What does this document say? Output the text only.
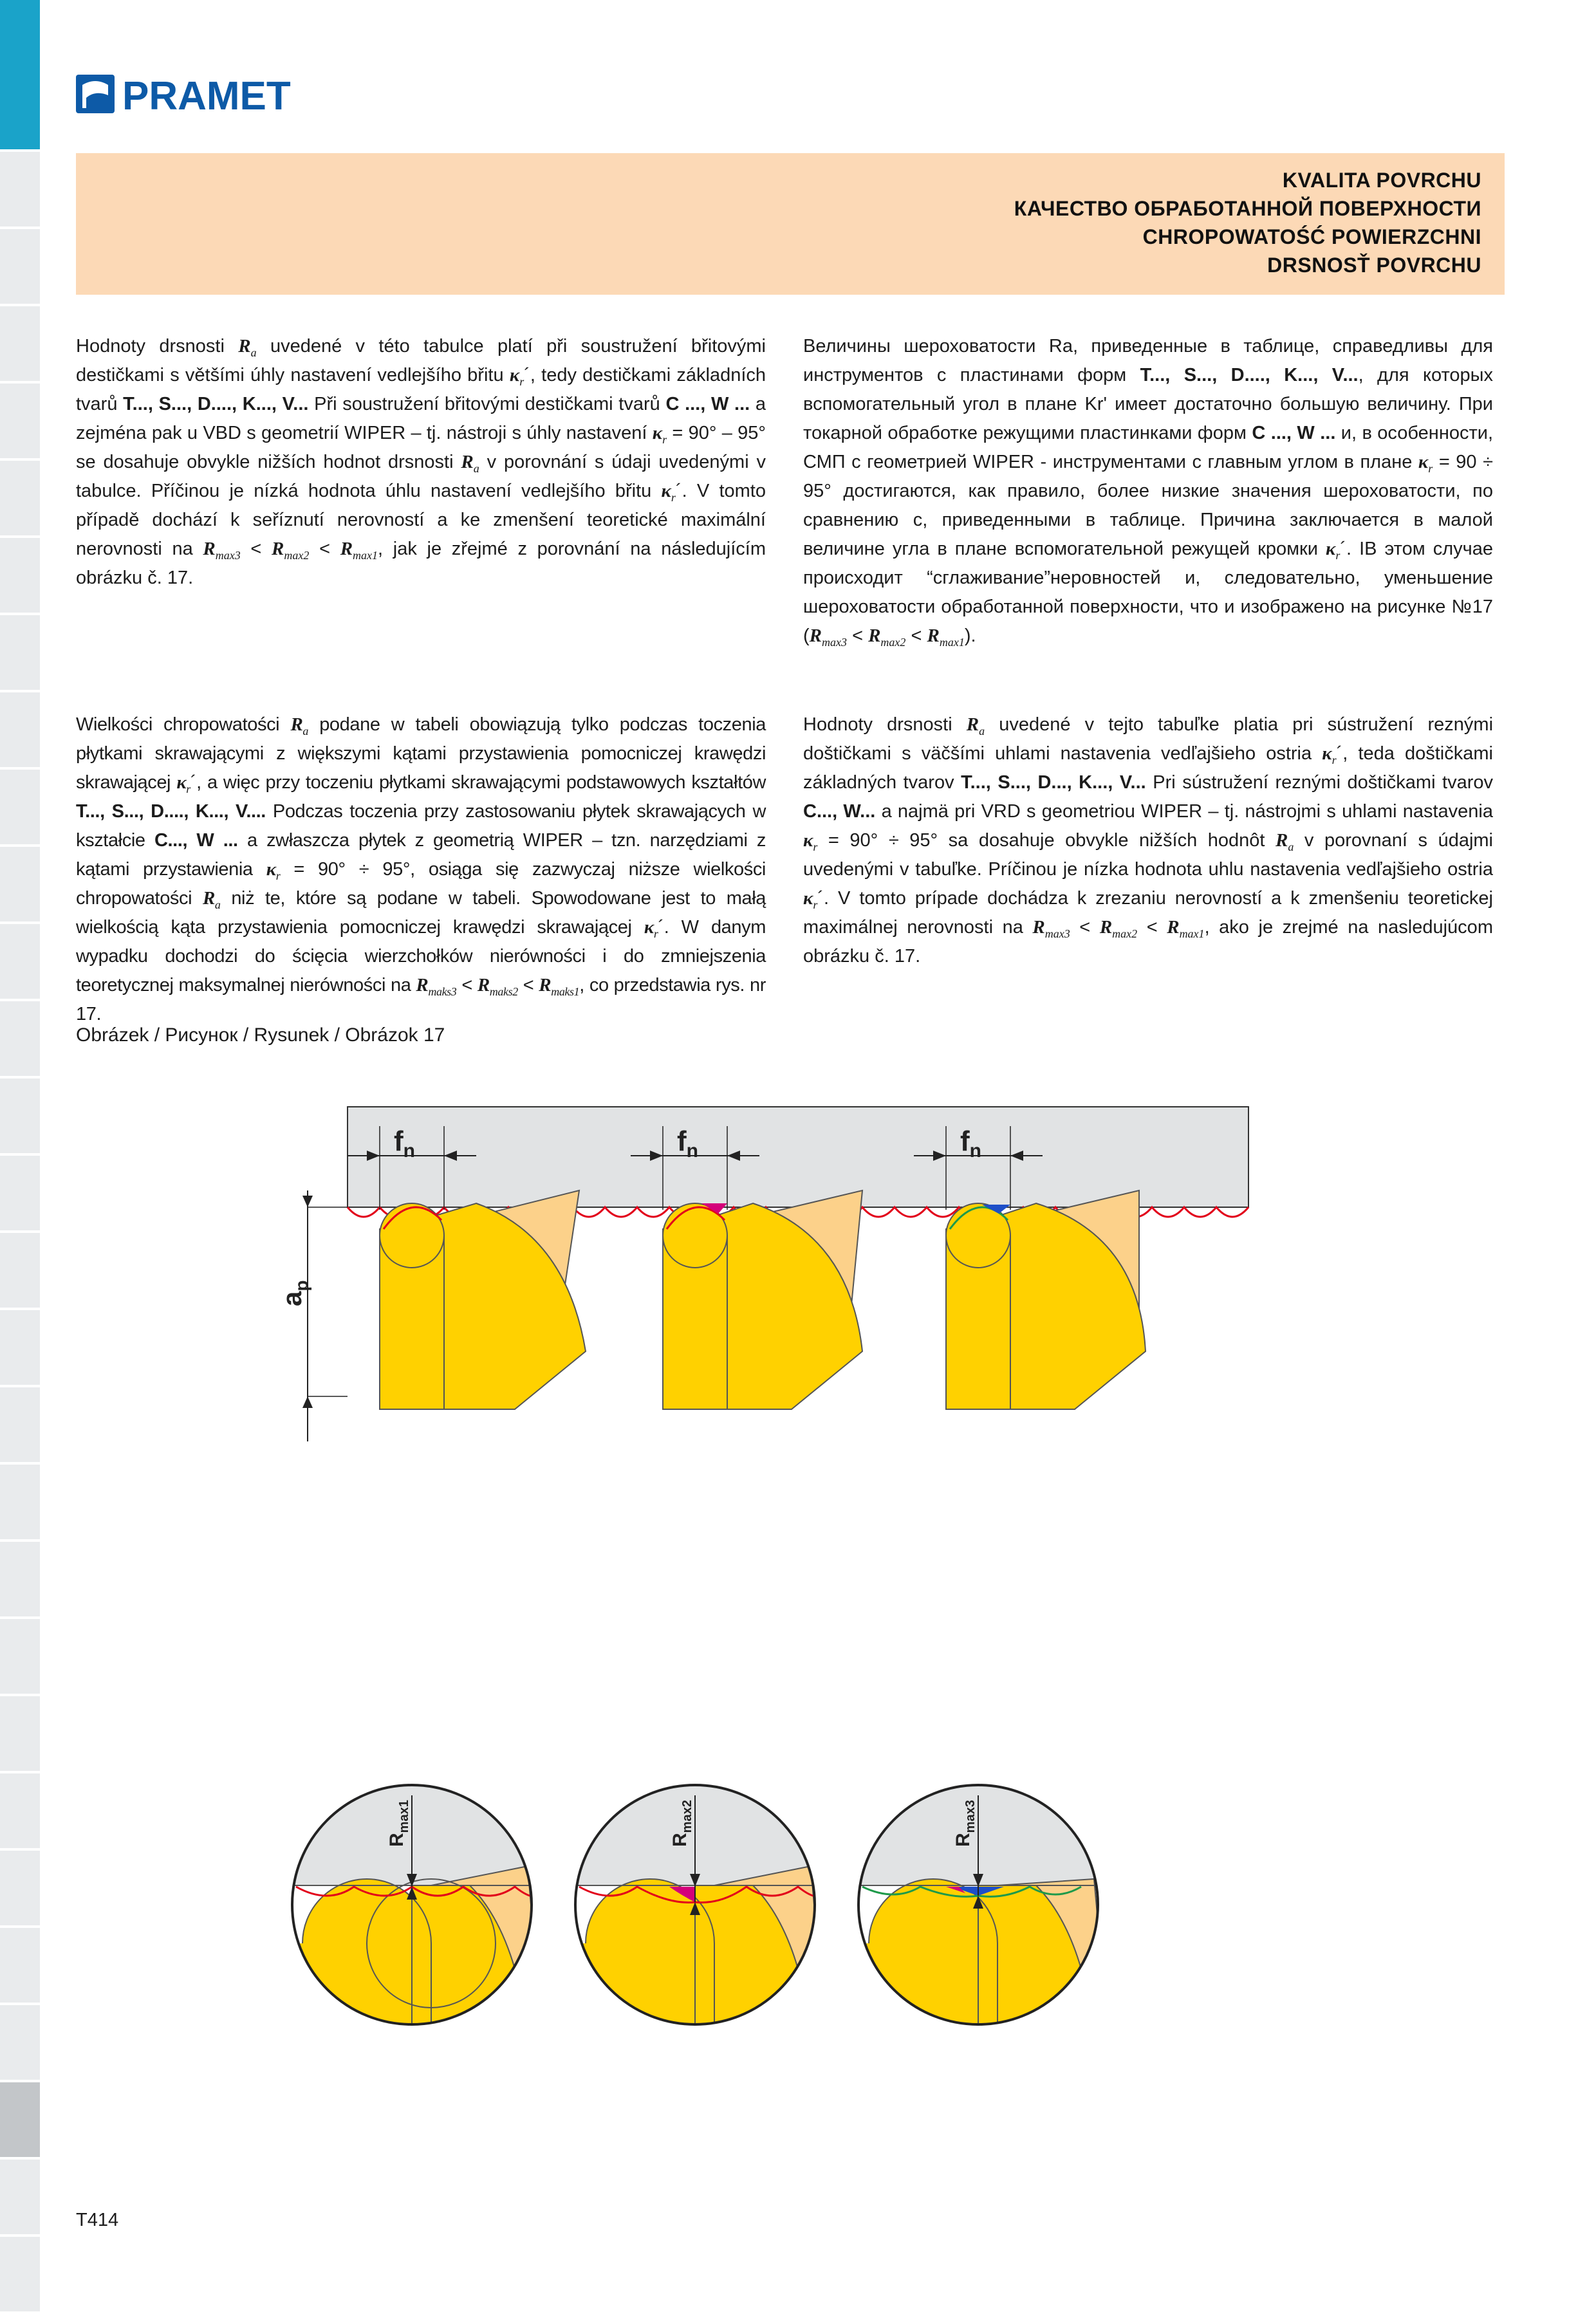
PRAMET
KVALITA POVRCHU
КАЧЕСТВО ОБРАБОТАННОЙ ПОВЕРХНОСТИ
CHROPOWATOŚĆ POWIERZCHNI
DRSNOSŤ POVRCHU
Hodnoty drsnosti $R_a$ uvedené v této tabulce platí při soustružení břitovými destičkami s většími úhly nastavení vedlejšího břitu $\kappa_r´$, tedy destičkami základních tvarů T..., S..., D...., K..., V... Při soustružení břitovými destičkami tvarů C ..., W ... a zejména pak u VBD s geometrií WIPER – tj. nástroji s úhly nastavení $\kappa_r = 90^\circ - 95^\circ$ se dosahuje obvykle nižších hodnot drsnosti $R_a$ v porovnání s údaji uvedenými v tabulce. Příčinou je nízká hodnota úhlu nastavení vedlejšího břitu $\kappa_r´$. V tomto případě dochází k seříznutí nerovností a ke zmenšení teoretické maximální nerovnosti na $R_{max3} < R_{max2} < R_{max1}$, jak je zřejmé z porovnání na následujícím obrázku č. 17.
Величины шероховатости Ra, приведенные в таблице, справедливы для инструментов с пластинами форм T..., S..., D...., K..., V..., для которых вспомогательный угол в плане Kr' имеет достаточно большую величину. При токарной обработке режущими пластинками форм C ..., W ... и, в особенности, СМП с геометрией WIPER - инструментами с главным углом в плане $\kappa_r = 90 \div 95^\circ$ достигаются, как правило, более низкие значения шероховатости, по сравнению с, приведенными в таблице. Причина заключается в малой величине угла в плане вспомогательной режущей кромки $\kappa_r´$. IВ этом случае происходит “сглаживание”неровностей и, следовательно, уменьшение шероховатости обработанной поверхности, что и изображено на рисунке №17 $(R_{max3} < R_{max2} < R_{max1})$.
Wielkości chropowatości $R_a$ podane w tabeli obowiązują tylko podczas toczenia płytkami skrawającymi z większymi kątami przystawienia pomocniczej krawędzi skrawającej $\kappa_r´$, a więc przy toczeniu płytkami skrawającymi podstawowych kształtów T..., S..., D...., K..., V.... Podczas toczenia przy zastosowaniu płytek skrawających w kształcie C..., W ... a zwłaszcza płytek z geometrią WIPER – tzn. narzędziami z kątami przystawienia $\kappa_r = 90^\circ \div 95^\circ$, osiąga się zazwyczaj niższe wielkości chropowatości $R_a$ niż te, które są podane w tabeli. Spowodowane jest to małą wielkością kąta przystawienia pomocniczej krawędzi skrawającej $\kappa_r´$. W danym wypadku dochodzi do ścięcia wierzchołków nierówności i do zmniejszenia teoretycznej maksymalnej nierówności na $R_{maks3} < R_{maks2} < R_{maks1}$, co przedstawia rys. nr 17.
Hodnoty drsnosti $R_a$ uvedené v tejto tabuľke platia pri sústružení reznými doštičkami s väčšími uhlami nastavenia vedľajšieho ostria $\kappa_r´$, teda doštičkami základných tvarov T..., S..., D..., K..., V... Pri sústružení reznými doštičkami tvarov C..., W... a najmä pri VRD s geometriou WIPER – tj. nástrojmi s uhlami nastavenia $\kappa_r = 90^\circ \div 95^\circ$ sa dosahuje obvykle nižších hodnôt $R_a$ v porovnaní s údajmi uvedenými v tabuľke. Príčinou je nízka hodnota uhlu nastavenia vedľajšieho ostria $\kappa_r´$. V tomto prípade dochádza k zrezaniu nerovností a k zmenšeniu teoretickej maximálnej nerovnosti na $R_{max3} < R_{max2} < R_{max1}$, ako je zrejmé na nasledujúcom obrázku č. 17.
Obrázek / Рисунок / Rysunek / Obrázok 17
$a_p$
$f_n$	$f_n$	$f_n$
$R_{max1}$
$R_{max2}$
$R_{max3}$
T414
